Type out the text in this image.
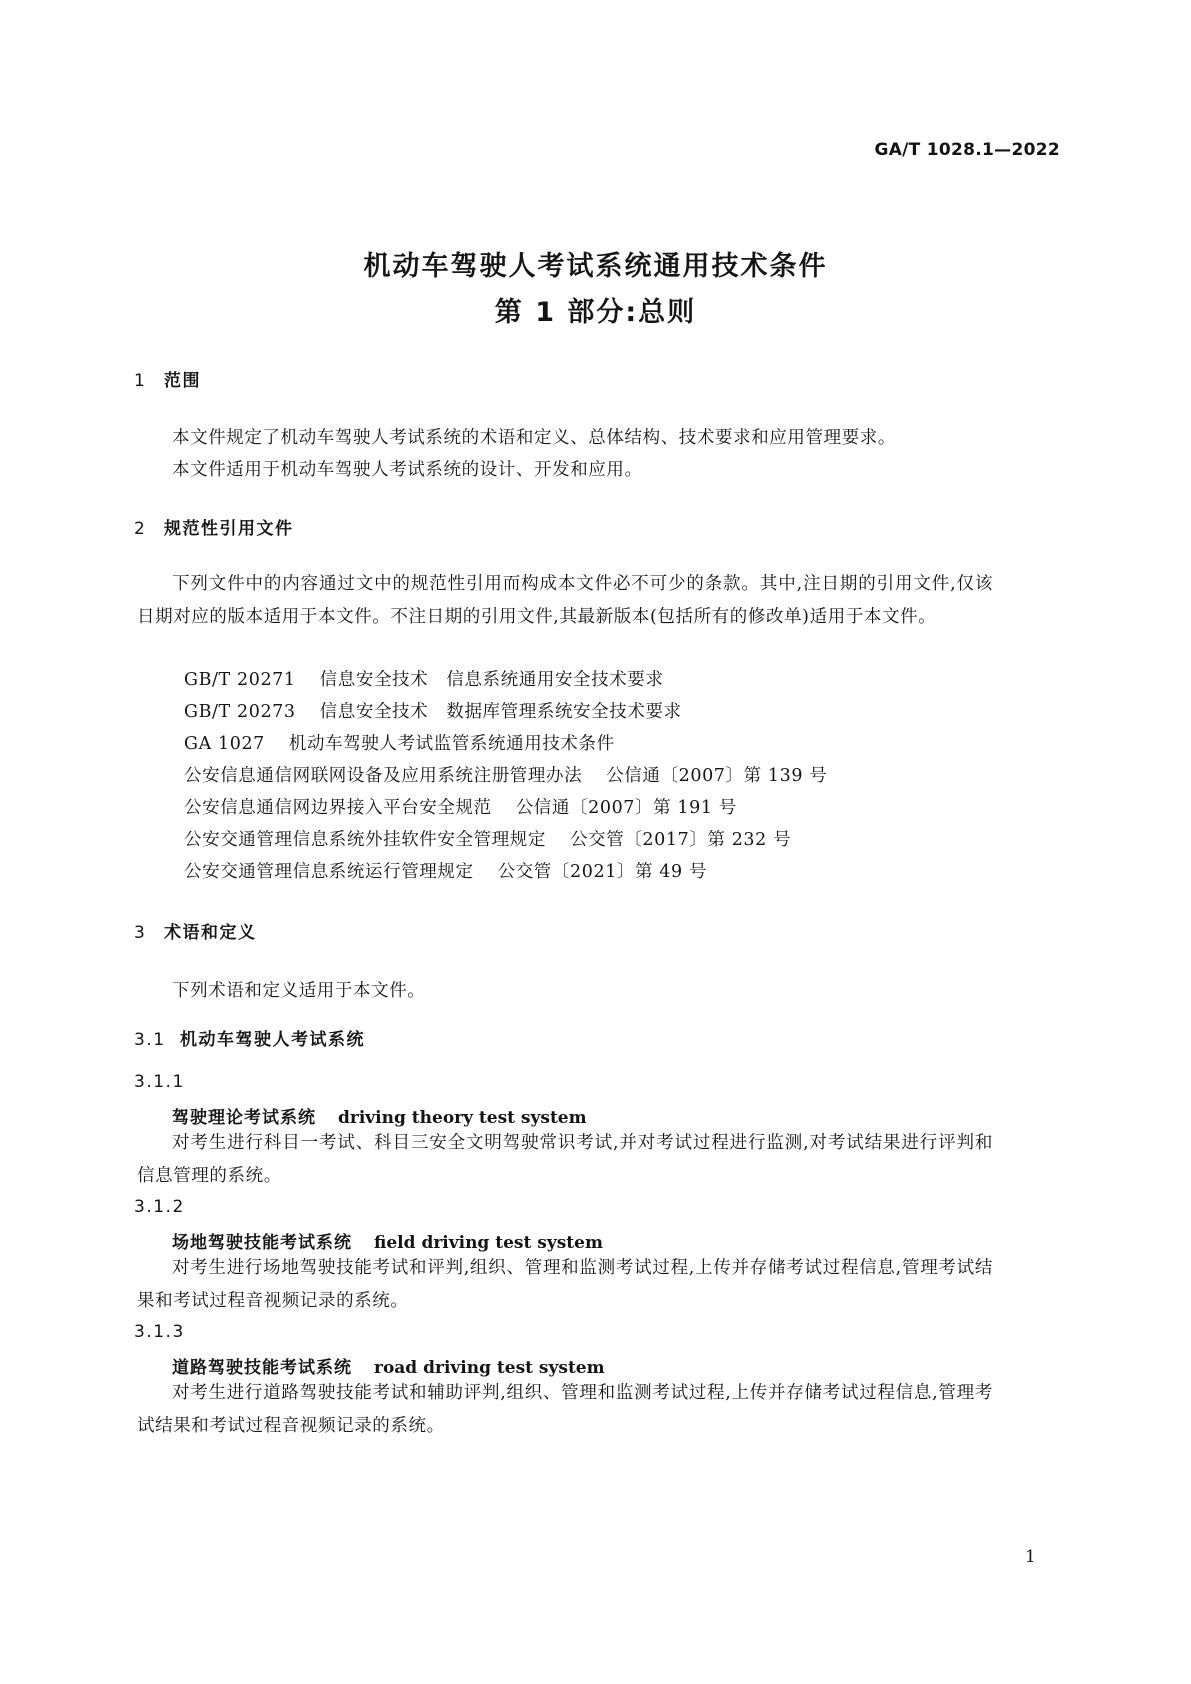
GA/T 1028.1—2022
机动车驾驶人考试系统通用技术条件
第 1 部分:总则
1 范围
本文件规定了机动车驾驶人考试系统的术语和定义、总体结构、技术要求和应用管理要求。
本文件适用于机动车驾驶人考试系统的设计、开发和应用。
2 规范性引用文件
下列文件中的内容通过文中的规范性引用而构成本文件必不可少的条款。其中,注日期的引用文件,仅该日期对应的版本适用于本文件。不注日期的引用文件,其最新版本(包括所有的修改单)适用于本文件。
GB/T 20271 信息安全技术　信息系统通用安全技术要求
GB/T 20273 信息安全技术　数据库管理系统安全技术要求
GA 1027 机动车驾驶人考试监管系统通用技术条件
公安信息通信网联网设备及应用系统注册管理办法 公信通〔2007〕第 139 号
公安信息通信网边界接入平台安全规范 公信通〔2007〕第 191 号
公安交通管理信息系统外挂软件安全管理规定 公交管〔2017〕第 232 号
公安交通管理信息系统运行管理规定 公交管〔2021〕第 49 号
3 术语和定义
下列术语和定义适用于本文件。
3.1 机动车驾驶人考试系统
3.1.1
驾驶理论考试系统 driving theory test system
对考生进行科目一考试、科目三安全文明驾驶常识考试,并对考试过程进行监测,对考试结果进行评判和信息管理的系统。
3.1.2
场地驾驶技能考试系统 field driving test system
对考生进行场地驾驶技能考试和评判,组织、管理和监测考试过程,上传并存储考试过程信息,管理考试结果和考试过程音视频记录的系统。
3.1.3
道路驾驶技能考试系统 road driving test system
对考生进行道路驾驶技能考试和辅助评判,组织、管理和监测考试过程,上传并存储考试过程信息,管理考试结果和考试过程音视频记录的系统。
1
